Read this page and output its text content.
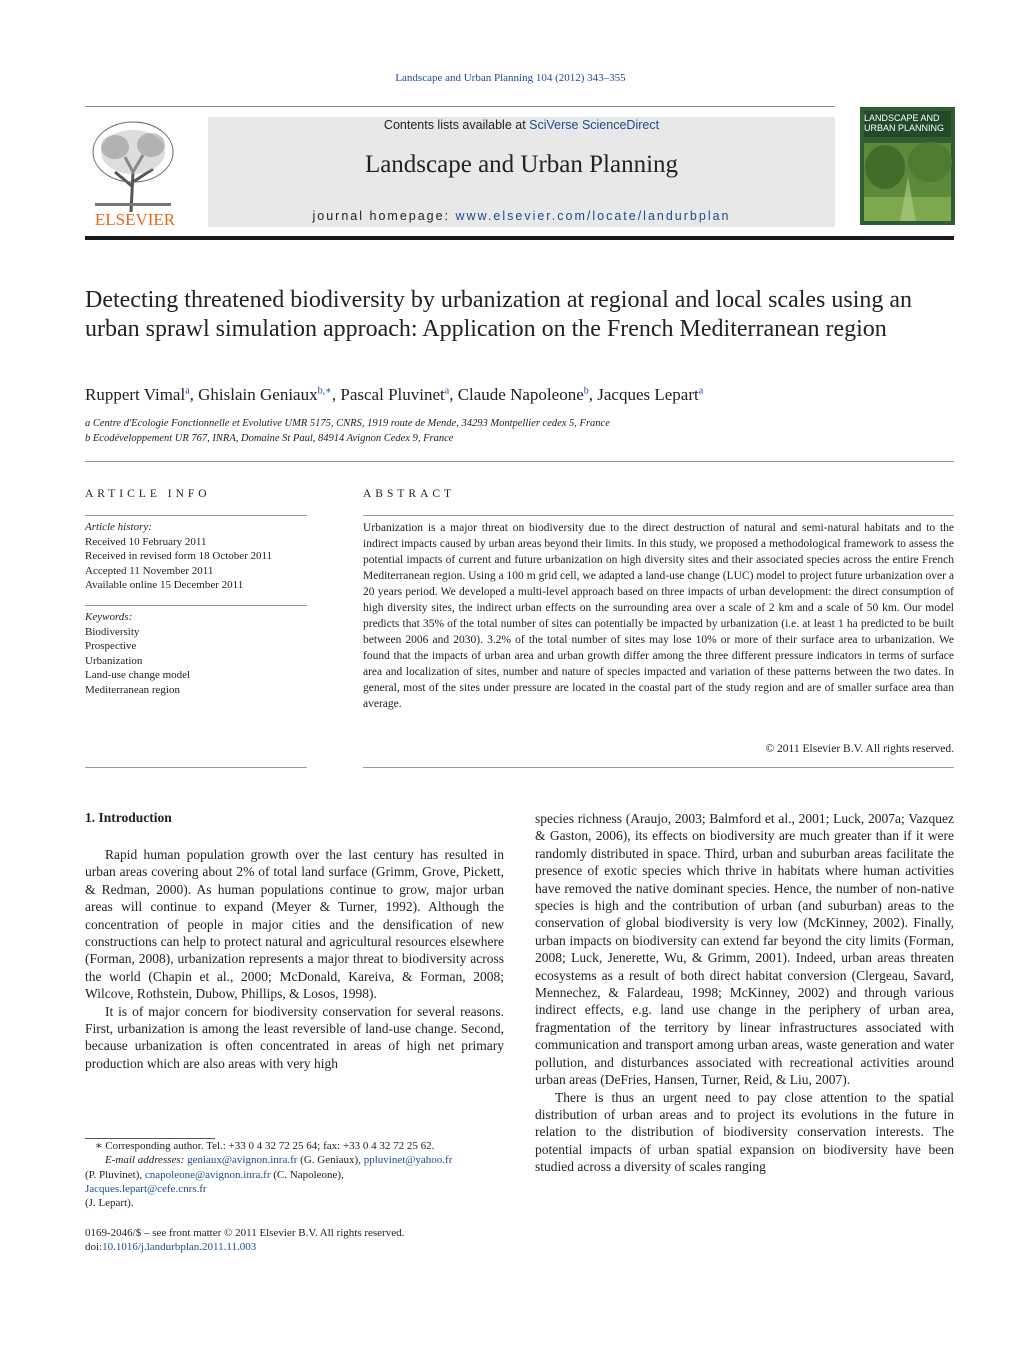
Landscape and Urban Planning 104 (2012) 343–355
ELSEVIER
Contents lists available at SciVerse ScienceDirect
Landscape and Urban Planning
journal homepage: www.elsevier.com/locate/landurbplan
LANDSCAPE AND URBAN PLANNING
Detecting threatened biodiversity by urbanization at regional and local scales using an urban sprawl simulation approach: Application on the French Mediterranean region
Ruppert Vimal$^a$, Ghislain Geniaux$^{b,∗}$, Pascal Pluvinet$^a$, Claude Napoleone$^b$, Jacques Lepart$^a$
a Centre d'Ecologie Fonctionnelle et Evolutive UMR 5175, CNRS, 1919 route de Mende, 34293 Montpellier cedex 5, France
b Ecodéveloppement UR 767, INRA, Domaine St Paul, 84914 Avignon Cedex 9, France
ARTICLE INFO	ABSTRACT
Article history:
Received 10 February 2011
Received in revised form 18 October 2011
Accepted 11 November 2011
Available online 15 December 2011
Keywords:
Biodiversity
Prospective
Urbanization
Land-use change model
Mediterranean region
Urbanization is a major threat on biodiversity due to the direct destruction of natural and semi-natural habitats and to the indirect impacts caused by urban areas beyond their limits. In this study, we proposed a methodological framework to assess the potential impacts of current and future urbanization on high diversity sites and their associated species across the entire French Mediterranean region. Using a 100 m grid cell, we adapted a land-use change (LUC) model to project future urbanization over a 20 years period. We developed a multi-level approach based on three impacts of urban development: the direct consumption of high diversity sites, the indirect urban effects on the surrounding area over a scale of 2 km and a scale of 50 km. Our model predicts that 35% of the total number of sites can potentially be impacted by urbanization (i.e. at least 1 ha predicted to be built between 2006 and 2030). 3.2% of the total number of sites may lose 10% or more of their surface area to urbanization. We found that the impacts of urban area and urban growth differ among the three different pressure indicators in terms of surface area and localization of sites, number and nature of species impacted and variation of these patterns between the two dates. In general, most of the sites under pressure are located in the coastal part of the study region and are of smaller surface area than average.
© 2011 Elsevier B.V. All rights reserved.
1. Introduction

Rapid human population growth over the last century has resulted in urban areas covering about 2% of total land surface (Grimm, Grove, Pickett, & Redman, 2000). As human populations continue to grow, major urban areas will continue to expand (Meyer & Turner, 1992). Although the concentration of people in major cities and the densification of new constructions can help to protect natural and agricultural resources elsewhere (Forman, 2008), urbanization represents a major threat to biodiversity across the world (Chapin et al., 2000; McDonald, Kareiva, & Forman, 2008; Wilcove, Rothstein, Dubow, Phillips, & Losos, 1998).

It is of major concern for biodiversity conservation for several reasons. First, urbanization is among the least reversible of land-use change. Second, because urbanization is often concentrated in areas of high net primary production which are also areas with very high

species richness (Araujo, 2003; Balmford et al., 2001; Luck, 2007a; Vazquez & Gaston, 2006), its effects on biodiversity are much greater than if it were randomly distributed in space. Third, urban and suburban areas facilitate the presence of exotic species which thrive in habitats where human activities have removed the native dominant species. Hence, the number of non-native species is high and the contribution of urban (and suburban) areas to the conservation of global biodiversity is very low (McKinney, 2002). Finally, urban impacts on biodiversity can extend far beyond the city limits (Forman, 2008; Luck, Jenerette, Wu, & Grimm, 2001). Indeed, urban areas threaten ecosystems as a result of both direct habitat conversion (Clergeau, Savard, Mennechez, & Falardeau, 1998; McKinney, 2002) and through various indirect effects, e.g. land use change in the periphery of urban area, fragmentation of the territory by linear infrastructures associated with communication and transport among urban areas, waste generation and water pollution, and disturbances associated with recreational activities around urban areas (DeFries, Hansen, Turner, Reid, & Liu, 2007).

There is thus an urgent need to pay close attention to the spatial distribution of urban areas and to project its evolutions in the future in relation to the distribution of biodiversity conservation interests. The potential impacts of urban spatial expansion on biodiversity have been studied across a diversity of scales ranging

∗ Corresponding author. Tel.: +33 0 4 32 72 25 64; fax: +33 0 4 32 72 25 62.
E-mail addresses: geniaux@avignon.inra.fr (G. Geniaux), ppluvinet@yahoo.fr
(P. Pluvinet), cnapoleone@avignon.inra.fr (C. Napoleone),
Jacques.lepart@cefe.cnrs.fr
(J. Lepart).
0169-2046/$ – see front matter © 2011 Elsevier B.V. All rights reserved.
doi:10.1016/j.landurbplan.2011.11.003
